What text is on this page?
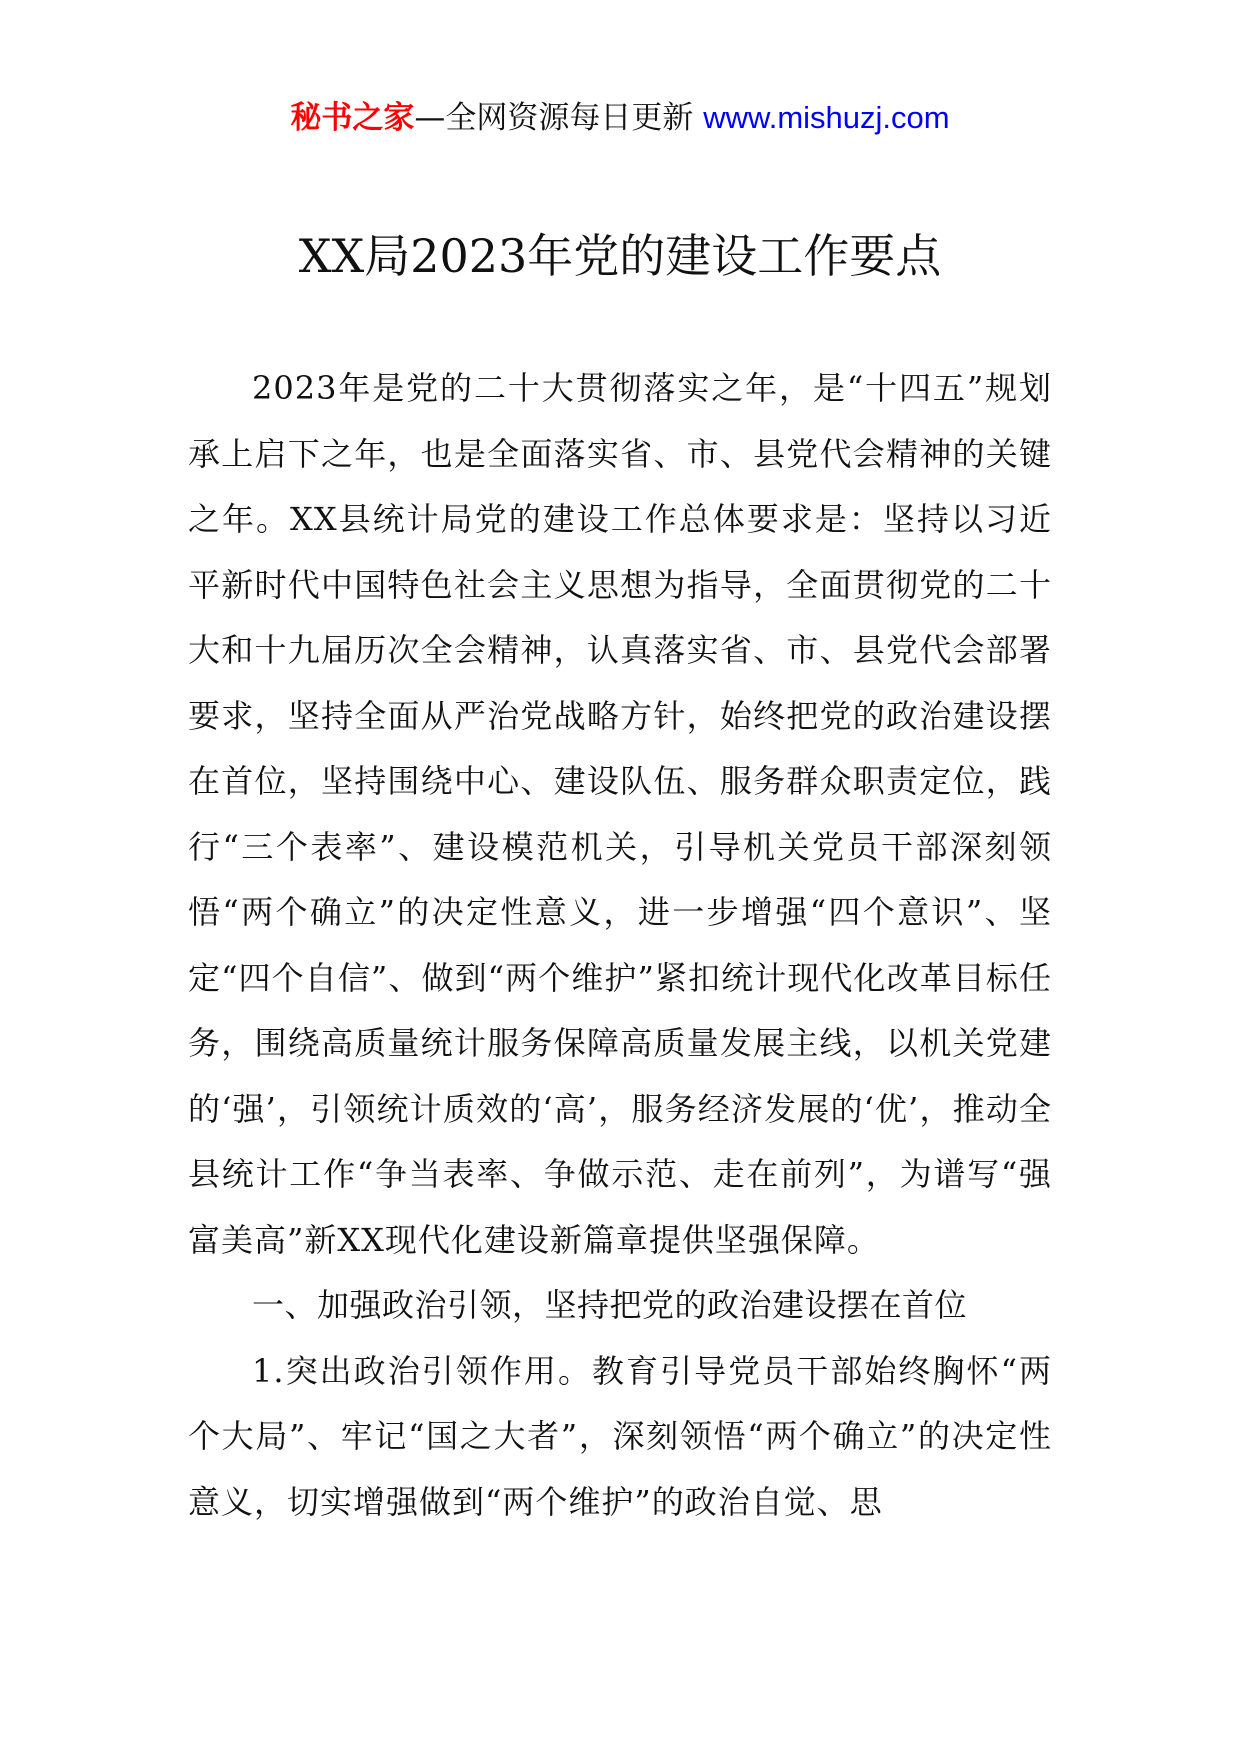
秘书之家—全网资源每日更新 www.mishuzj.com
XX局2023年党的建设工作要点

2023年是党的二十大贯彻落实之年，是“十四五”规划承上启下之年，也是全面落实省、市、县党代会精神的关键之年。XX县统计局党的建设工作总体要求是：坚持以习近平新时代中国特色社会主义思想为指导，全面贯彻党的二十大和十九届历次全会精神，认真落实省、市、县党代会部署要求，坚持全面从严治党战略方针，始终把党的政治建设摆在首位，坚持围绕中心、建设队伍、服务群众职责定位，践行“三个表率”、建设模范机关，引导机关党员干部深刻领悟“两个确立”的决定性意义，进一步增强“四个意识”、坚定“四个自信”、做到“两个维护”紧扣统计现代化改革目标任务，围绕高质量统计服务保障高质量发展主线，以机关党建的‘强’，引领统计质效的‘高’，服务经济发展的‘优’，推动全县统计工作“争当表率、争做示范、走在前列”，为谱写“强富美高”新XX现代化建设新篇章提供坚强保障。

一、加强政治引领，坚持把党的政治建设摆在首位

1.突出政治引领作用。教育引导党员干部始终胸怀“两个大局”、牢记“国之大者”，深刻领悟“两个确立”的决定性意义，切实增强做到“两个维护”的政治自觉、思
